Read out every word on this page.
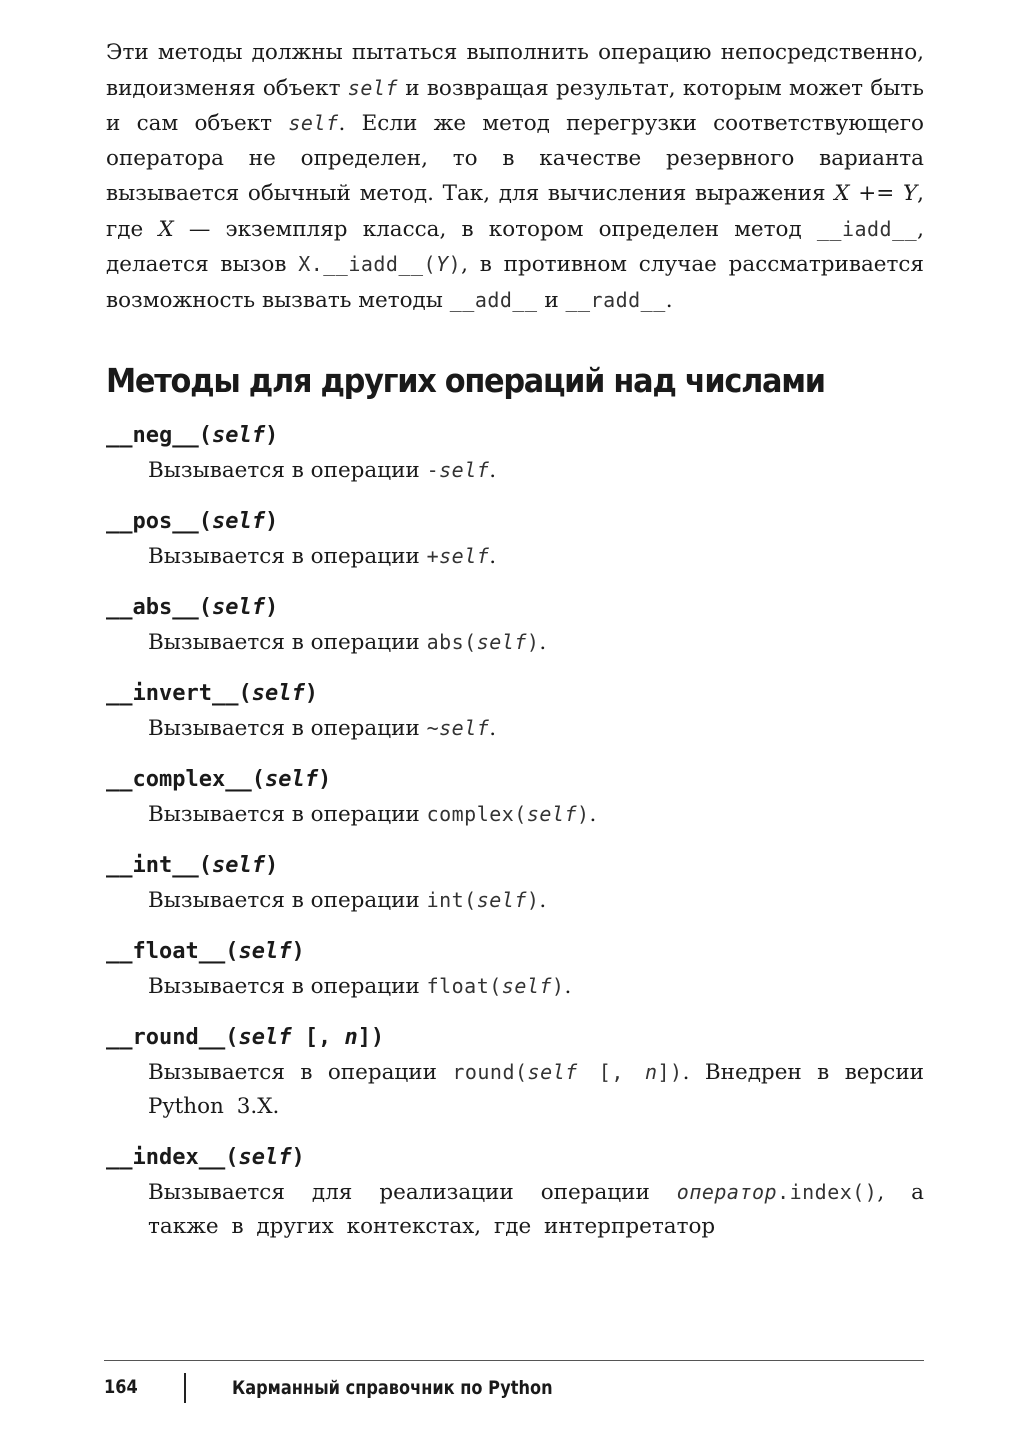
Эти методы должны пытаться выполнить операцию непосредственно, видоизменяя объект self и возвращая результат, которым может быть и сам объект self. Если же метод перегрузки соответствующего оператора не определен, то в качестве резервного варианта вызывается обычный метод. Так, для вычисления выражения X += Y, где X — экземпляр класса, в котором определен метод __iadd__, делается вызов X.__iadd__(Y), в противном случае рассматривается возможность вызвать методы __add__ и __radd__.

Методы для других операций над числами

__neg__(self)

Вызывается в операции -self.

__pos__(self)

Вызывается в операции +self.

__abs__(self)

Вызывается в операции abs(self).

__invert__(self)

Вызывается в операции ~self.

__complex__(self)

Вызывается в операции complex(self).

__int__(self)

Вызывается в операции int(self).

__float__(self)

Вызывается в операции float(self).

__round__(self [, n])

Вызывается в операции round(self [, n]). Внедрен в версии Python 3.X.

__index__(self)

Вызывается для реализации операции оператор.index(), а также в других контекстах, где интерпретатор

164	Карманный справочник по Python
